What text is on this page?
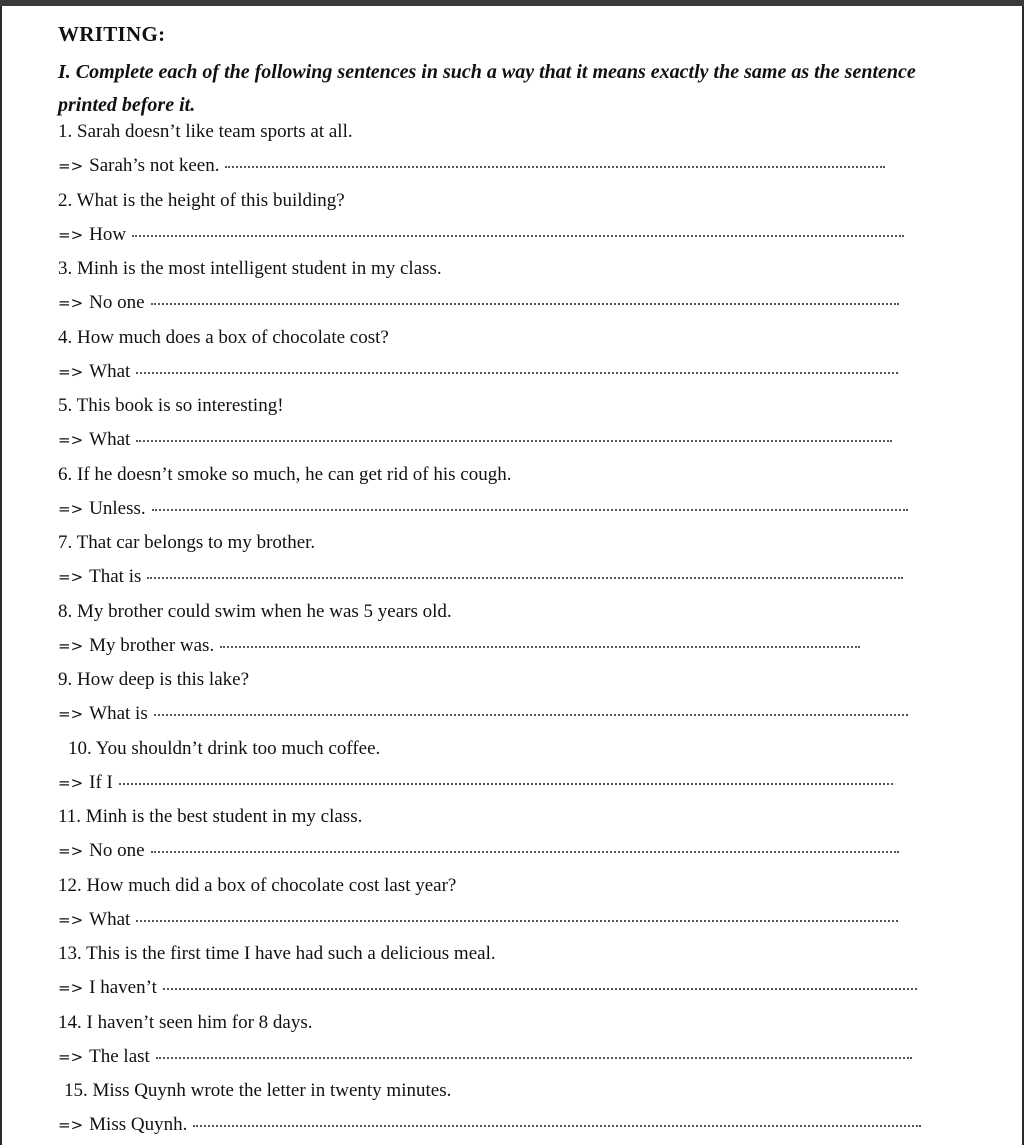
WRITING:

I. Complete each of the following sentences in such a way that it means exactly the same as the sentence printed before it.

1. Sarah doesn’t like team sports at all.
=> Sarah’s not keen.
2. What is the height of this building?
=> How
3. Minh is the most intelligent student in my class.
=> No one
4. How much does a box of chocolate cost?
=> What
5. This book is so interesting!
=> What
6. If he doesn’t smoke so much, he can get rid of his cough.
=> Unless.
7. That car belongs to my brother.
=> That is
8. My brother could swim when he was 5 years old.
=> My brother was.
9. How deep is this lake?
=> What is
10. You shouldn’t drink too much coffee.
=> If I
11. Minh is the best student in my class.
=> No one
12. How much did a box of chocolate cost last year?
=> What
13. This is the first time I have had such a delicious meal.
=> I haven’t
14. I haven’t seen him for 8 days.
=> The last
15. Miss Quynh wrote the letter in twenty minutes.
=> Miss Quynh.
